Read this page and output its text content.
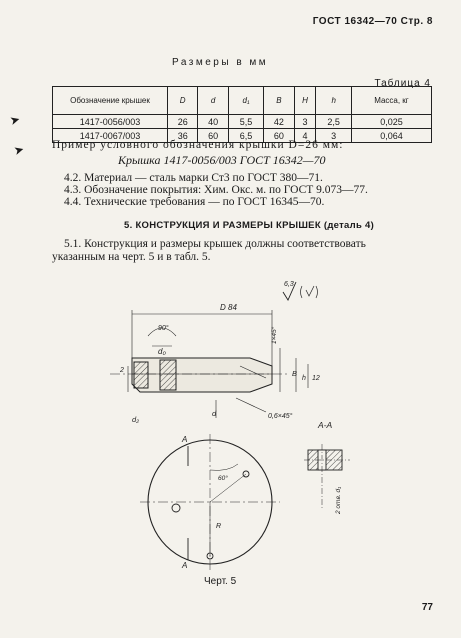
ГОСТ 16342—70 Стр. 8
Размеры в мм
Таблица 4
Обозначение крышек	D	d	d₁	B	H	h	Масса, кг
1417-0056/003	26	40	5,5	42	3	2,5	0,025
1417-0067/003	36	60	6,5	60	4	3	0,064
➤
➤ Пример условного обозначения крышки D=26 мм:
Крышка 1417-0056/003 ГОСТ 16342—70
4.2. Материал — сталь марки Ст3 по ГОСТ 380—71.
4.3. Обозначение покрытия: Хим. Окс. м. по ГОСТ 9.073—77.
4.4. Технические требования — по ГОСТ 16345—70.
5. КОНСТРУКЦИЯ И РАЗМЕРЫ КРЫШЕК (деталь 4)
5.1. Конструкция и размеры крышек должны соответствовать
указанным на черт. 5 и в табл. 5.
6,3
D 84
90°
d₀
1×45°
0,6×45°
d₂
B
h 12
2
d
A
A
60°
R
А-А
2 отв. d₁
Черт. 5
77
